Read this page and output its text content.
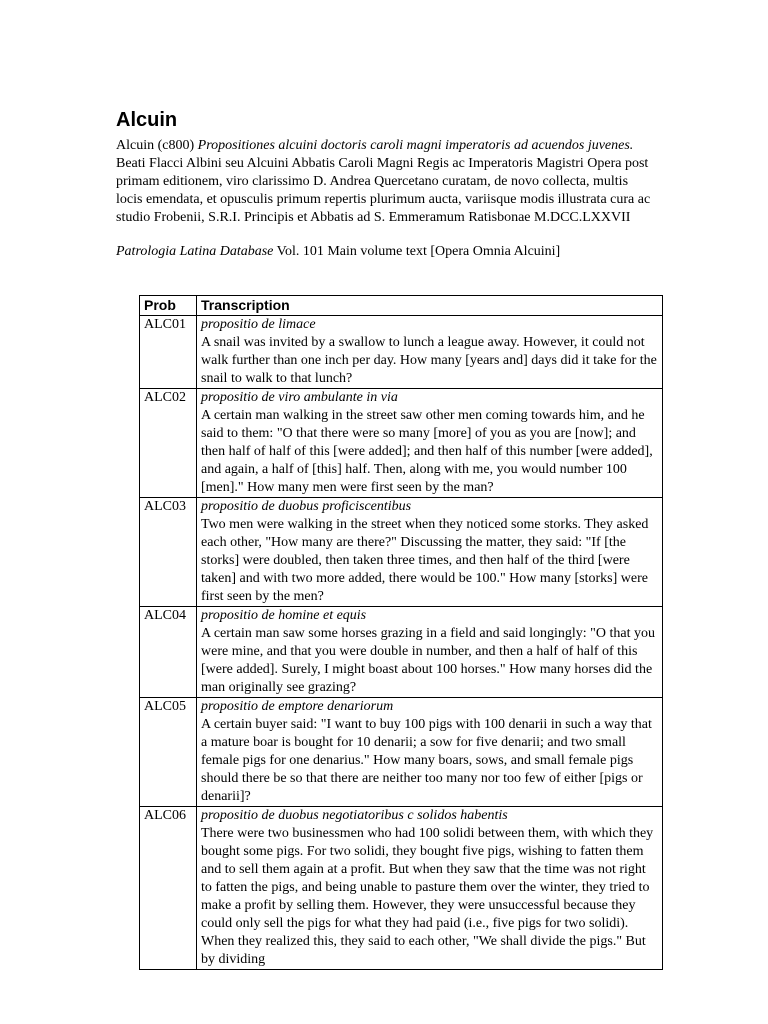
Alcuin

Alcuin (c800) Propositiones alcuini doctoris caroli magni imperatoris ad acuendos juvenes. Beati Flacci Albini seu Alcuini Abbatis Caroli Magni Regis ac Imperatoris Magistri Opera post primam editionem, viro clarissimo D. Andrea Quercetano curatam, de novo collecta, multis locis emendata, et opusculis primum repertis plurimum aucta, variisque modis illustrata cura ac studio Frobenii, S.R.I. Principis et Abbatis ad S. Emmeramum Ratisbonae M.DCC.LXXVII

Patrologia Latina Database Vol. 101 Main volume text [Opera Omnia Alcuini]

Prob	Transcription
ALC01	propositio de limace
A snail was invited by a swallow to lunch a league away. However, it could not walk further than one inch per day. How many [years and] days did it take for the snail to walk to that lunch?

ALC02	propositio de viro ambulante in via
A certain man walking in the street saw other men coming towards him, and he said to them: "O that there were so many [more] of you as you are [now]; and then half of half of this [were added]; and then half of this number [were added], and again, a half of [this] half. Then, along with me, you would number 100 [men]." How many men were first seen by the man?

ALC03	propositio de duobus proficiscentibus
Two men were walking in the street when they noticed some storks. They asked each other, "How many are there?" Discussing the matter, they said: "If [the storks] were doubled, then taken three times, and then half of the third [were taken] and with two more added, there would be 100." How many [storks] were first seen by the men?

ALC04	propositio de homine et equis
A certain man saw some horses grazing in a field and said longingly: "O that you were mine, and that you were double in number, and then a half of half of this [were added]. Surely, I might boast about 100 horses." How many horses did the man originally see grazing?

ALC05	propositio de emptore denariorum
A certain buyer said: "I want to buy 100 pigs with 100 denarii in such a way that a mature boar is bought for 10 denarii; a sow for five denarii; and two small female pigs for one denarius." How many boars, sows, and small female pigs should there be so that there are neither too many nor too few of either [pigs or denarii]?

ALC06	propositio de duobus negotiatoribus c solidos habentis
There were two businessmen who had 100 solidi between them, with which they bought some pigs. For two solidi, they bought five pigs, wishing to fatten them and to sell them again at a profit. But when they saw that the time was not right to fatten the pigs, and being unable to pasture them over the winter, they tried to make a profit by selling them. However, they were unsuccessful because they could only sell the pigs for what they had paid (i.e., five pigs for two solidi). When they realized this, they said to each other, "We shall divide the pigs." But by dividing
